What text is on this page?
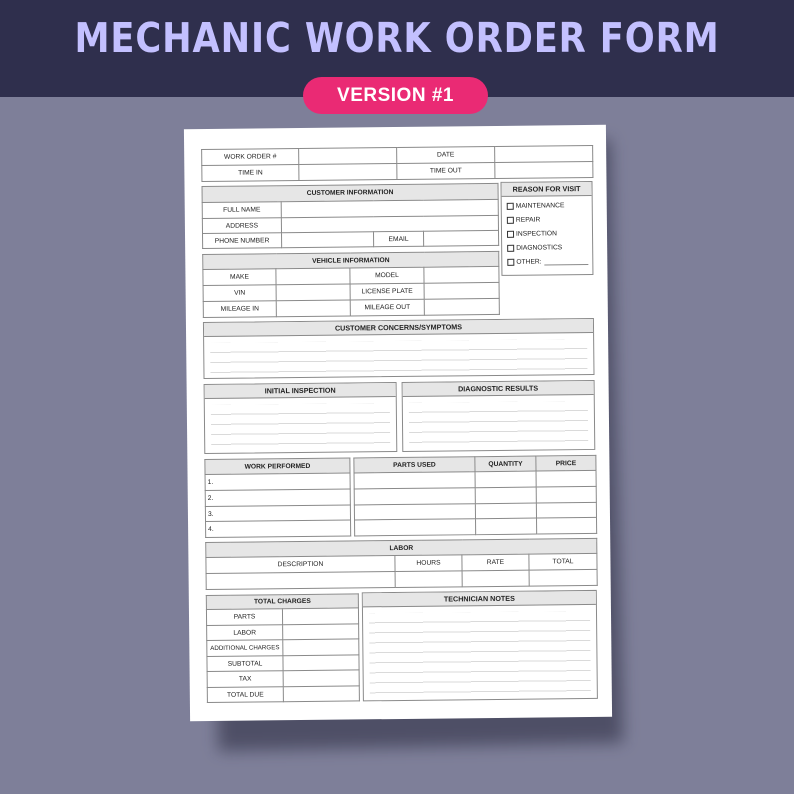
MECHANIC WORK ORDER FORM
VERSION #1
WORK ORDER #		DATE	
TIME IN		TIME OUT	
CUSTOMER INFORMATION			
FULL NAME			
ADDRESS			
PHONE NUMBER		EMAIL	
REASON FOR VISIT
MAINTENANCE
REPAIR
INSPECTION
DIAGNOSTICS
OTHER:
VEHICLE INFORMATION			
MAKE		MODEL	
VIN		LICENSE PLATE	
MILEAGE IN		MILEAGE OUT	
CUSTOMER CONCERNS/SYMPTOMS
INITIAL INSPECTION	DIAGNOSTIC RESULTS
WORK PERFORMED
1.
2.
3.
4.
PARTS USED	QUANTITY	PRICE

LABOR			
DESCRIPTION	HOURS	RATE	TOTAL

TOTAL CHARGES	
PARTS	
LABOR	
ADDITIONAL CHARGES	
SUBTOTAL	
TAX	
TOTAL DUE	
TECHNICIAN NOTES
